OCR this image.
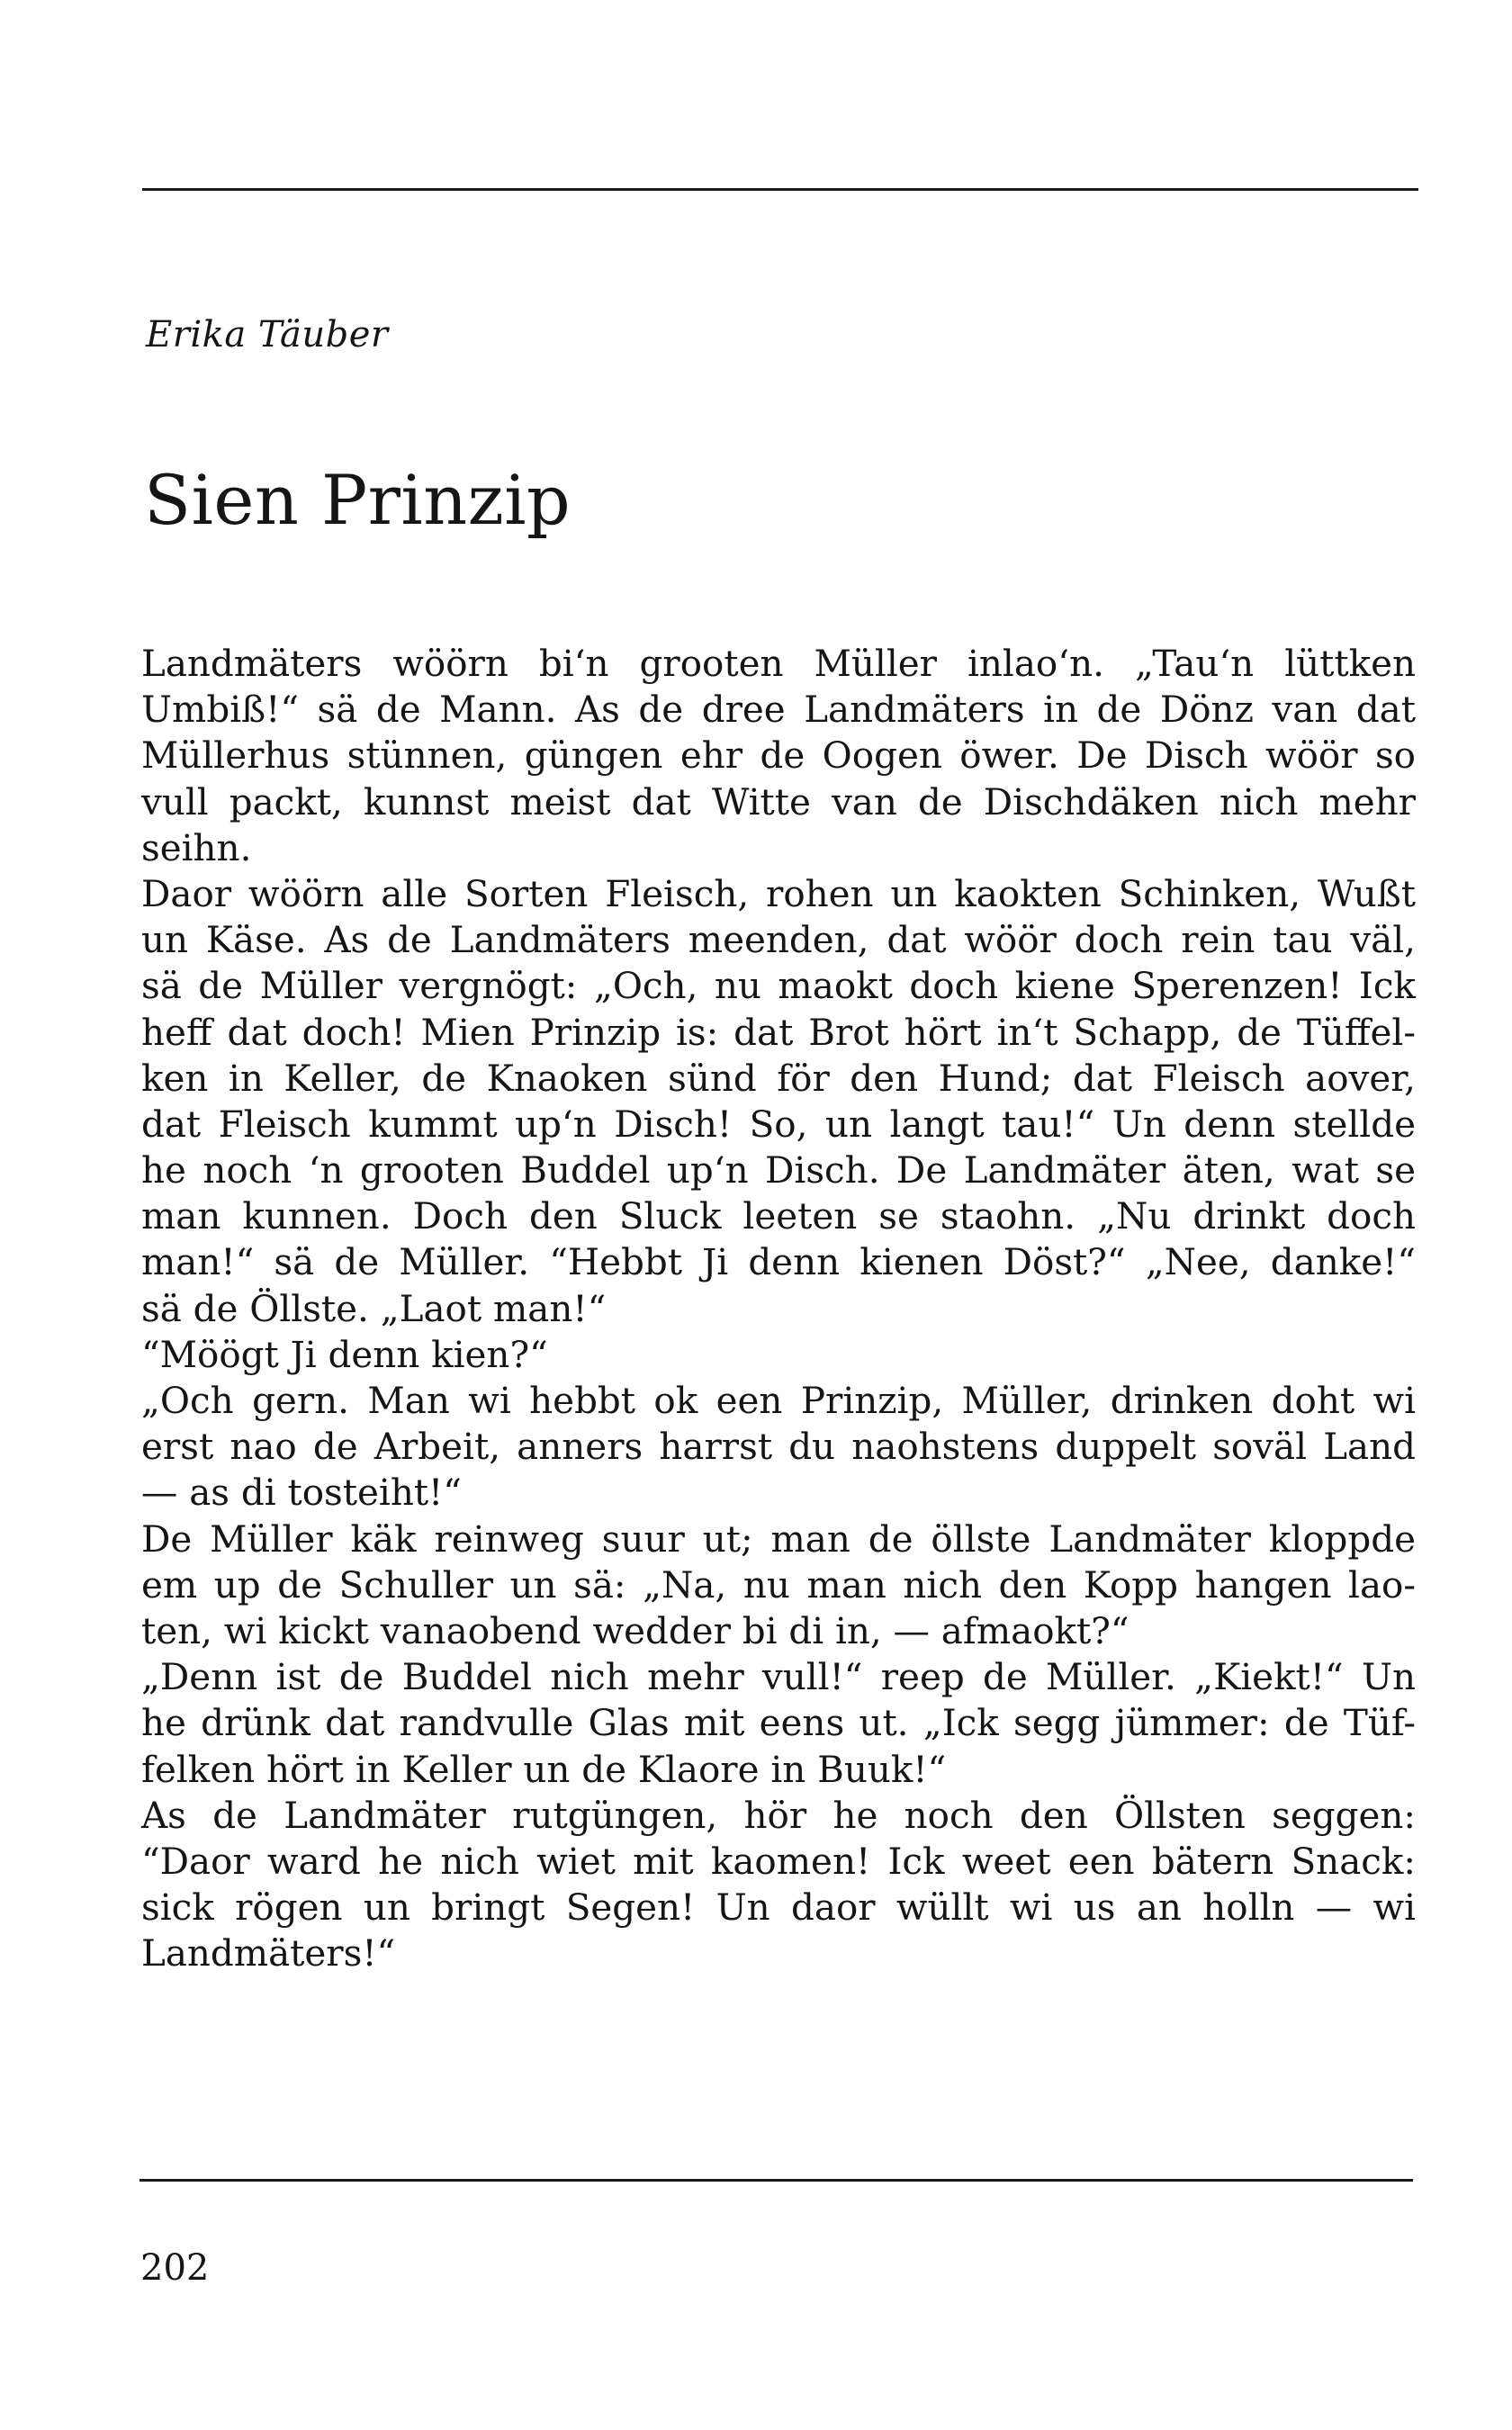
Erika Täuber
Sien Prinzip
Landmäters wöörn bi‘n grooten Müller inlao‘n. „Tau‘n lüttken
Umbiß!“ sä de Mann. As de dree Landmäters in de Dönz van dat
Müllerhus stünnen, güngen ehr de Oogen öwer. De Disch wöör so
vull packt, kunnst meist dat Witte van de Dischdäken nich mehr
seihn.
Daor wöörn alle Sorten Fleisch, rohen un kaokten Schinken, Wußt
un Käse. As de Landmäters meenden, dat wöör doch rein tau väl,
sä de Müller vergnögt: „Och, nu maokt doch kiene Sperenzen! Ick
heff dat doch! Mien Prinzip is: dat Brot hört in‘t Schapp, de Tüffel-
ken in Keller, de Knaoken sünd för den Hund; dat Fleisch aover,
dat Fleisch kummt up‘n Disch! So, un langt tau!“ Un denn stellde
he noch ‘n grooten Buddel up‘n Disch. De Landmäter äten, wat se
man kunnen. Doch den Sluck leeten se staohn. „Nu drinkt doch
man!“ sä de Müller. “Hebbt Ji denn kienen Döst?“ „Nee, danke!“
sä de Öllste. „Laot man!“
“Möögt Ji denn kien?“
„Och gern. Man wi hebbt ok een Prinzip, Müller, drinken doht wi
erst nao de Arbeit, anners harrst du naohstens duppelt soväl Land
— as di tosteiht!“
De Müller käk reinweg suur ut; man de öllste Landmäter kloppde
em up de Schuller un sä: „Na, nu man nich den Kopp hangen lao-
ten, wi kickt vanaobend wedder bi di in, — afmaokt?“
„Denn ist de Buddel nich mehr vull!“ reep de Müller. „Kiekt!“ Un
he drünk dat randvulle Glas mit eens ut. „Ick segg jümmer: de Tüf-
felken hört in Keller un de Klaore in Buuk!“
As de Landmäter rutgüngen, hör he noch den Öllsten seggen:
“Daor ward he nich wiet mit kaomen! Ick weet een bätern Snack:
sick rögen un bringt Segen! Un daor wüllt wi us an holln — wi
Landmäters!“
202
